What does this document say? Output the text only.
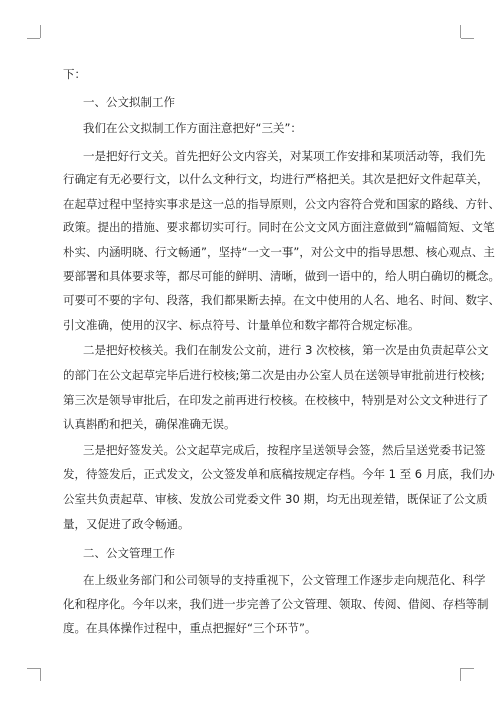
下：
一、公文拟制工作
我们在公文拟制工作方面注意把好“三关”：
一是把好行文关。首先把好公文内容关，对某项工作安排和某项活动等，我们先
行确定有无必要行文，以什么文种行文，均进行严格把关。其次是把好文件起草关，
在起草过程中坚持实事求是这一总的指导原则，公文内容符合党和国家的路线、方针、
政策。提出的措施、要求都切实可行。同时在公文文风方面注意做到“篇幅简短、文笔
朴实、内涵明晓、行文畅通”，坚持“一文一事”，对公文中的指导思想、核心观点、主
要部署和具体要求等，都尽可能的鲜明、清晰，做到一语中的，给人明白确切的概念。
可要可不要的字句、段落，我们都果断去掉。在文中使用的人名、地名、时间、数字、
引文准确，使用的汉字、标点符号、计量单位和数字都符合规定标准。
二是把好校核关。我们在制发公文前，进行 3 次校核，第一次是由负责起草公文
的部门在公文起草完毕后进行校核;第二次是由办公室人员在送领导审批前进行校核;
第三次是领导审批后，在印发之前再进行校核。在校核中，特别是对公文文种进行了
认真斟酌和把关，确保准确无误。
三是把好签发关。公文起草完成后，按程序呈送领导会签，然后呈送党委书记签
发，待签发后，正式发文，公文签发单和底稿按规定存档。今年 1 至 6 月底，我们办
公室共负责起草、审核、发放公司党委文件 30 期，均无出现差错，既保证了公文质
量，又促进了政令畅通。
二、公文管理工作
在上级业务部门和公司领导的支持重视下，公文管理工作逐步走向规范化、科学
化和程序化。今年以来，我们进一步完善了公文管理、领取、传阅、借阅、存档等制
度。在具体操作过程中，重点把握好“三个环节”。
